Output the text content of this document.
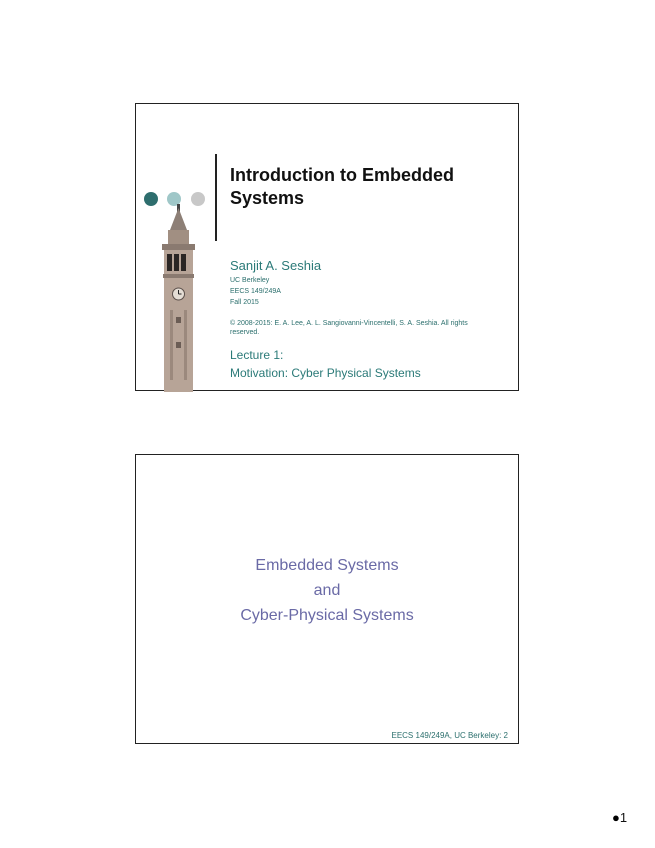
Introduction to Embedded Systems
Sanjit A. Seshia
UC Berkeley
EECS 149/249A
Fall 2015
© 2008-2015: E. A. Lee, A. L. Sangiovanni-Vincentelli, S. A. Seshia. All rights reserved.
Lecture 1:
Motivation: Cyber Physical Systems
Embedded Systems
and
Cyber-Physical Systems
EECS 149/249A, UC Berkeley: 2
●1
